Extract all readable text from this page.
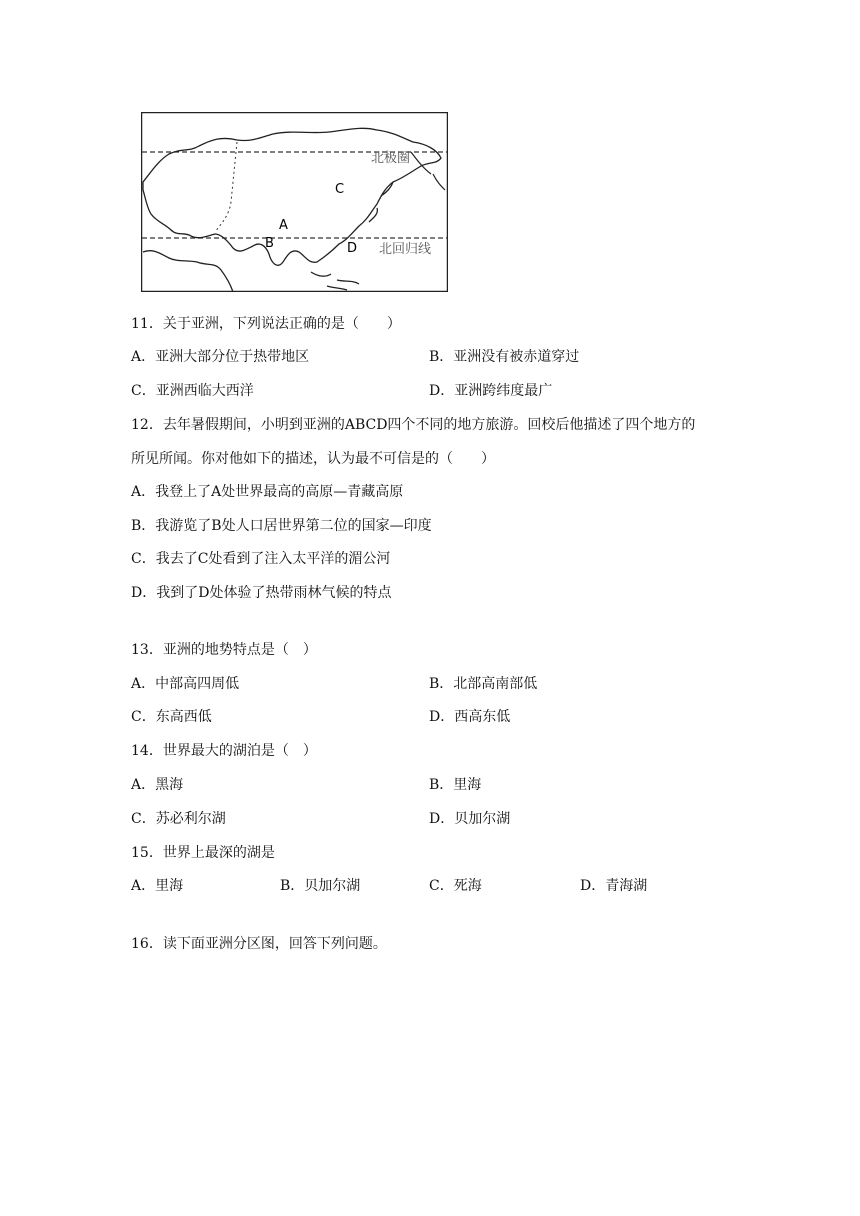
A
B
C
D
北极圈
北回归线
11．关于亚洲，下列说法正确的是（　　）
A．亚洲大部分位于热带地区	B．亚洲没有被赤道穿过
C．亚洲西临大西洋	D．亚洲跨纬度最广
12．去年暑假期间，小明到亚洲的ABCD四个不同的地方旅游。回校后他描述了四个地方的
所见所闻。你对他如下的描述，认为最不可信是的（　　）
A．我登上了A处世界最高的高原—青藏高原
B．我游览了B处人口居世界第二位的国家—印度
C．我去了C处看到了注入太平洋的湄公河
D．我到了D处体验了热带雨林气候的特点
13．亚洲的地势特点是（　）
A．中部高四周低	B．北部高南部低
C．东高西低	D．西高东低
14．世界最大的湖泊是（　）
A．黑海	B．里海
C．苏必利尔湖	D．贝加尔湖
15．世界上最深的湖是
A．里海	B．贝加尔湖	C．死海	D．青海湖
16．读下面亚洲分区图，回答下列问题。
